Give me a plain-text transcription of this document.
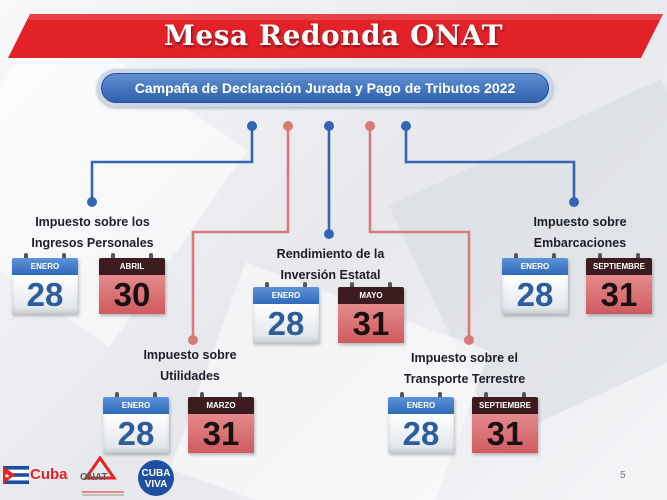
Mesa Redonda ONAT
Campaña de Declaración Jurada y Pago de Tributos 2022
Impuesto sobre los
Ingresos Personales
ENERO
28
ABRIL
30
Rendimiento de la
Inversión Estatal
ENERO
28
MAYO
31
Impuesto sobre
Embarcaciones
ENERO
28
SEPTIEMBRE
31
Impuesto sobre
Utilidades
ENERO
28
MARZO
31
Impuesto sobre el
Transporte Terrestre
ENERO
28
SEPTIEMBRE
31
Cuba ONAT	CUBA
VIVA
5
